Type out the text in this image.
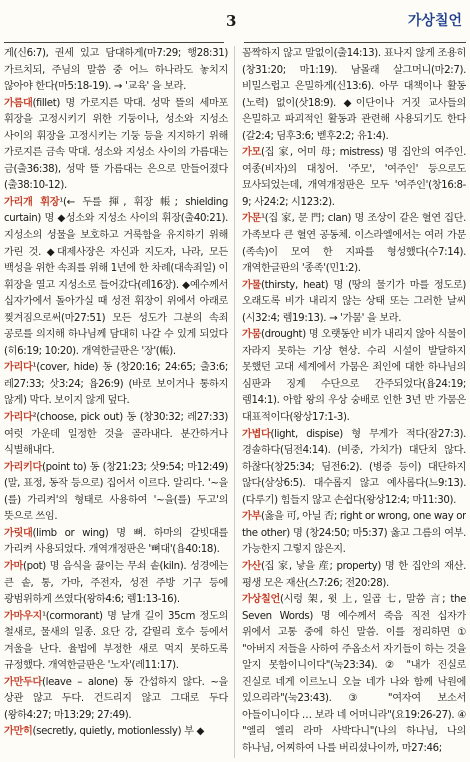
3	가상칠언

게(신6:7), 권세 있고 담대하게(마7:29; 행28:31) 가르치되, 주님의 말씀 중 어느 하나라도 놓치지 않아야 한다(마5:18-19). → '교육' 을 보라.

가름대(fillet) 명 가로지른 막대. 성막 뜰의 세마포 휘장을 고정시키기 위한 기둥이나, 성소와 지성소 사이의 휘장을 고정시키는 기둥 등을 지지하기 위해 가로지른 금속 막대. 성소와 지성소 사이의 가름대는 금(출36:38), 성막 뜰 가름대는 은으로 만들어졌다(출38:10-12).

가리개 휘장¹(← 두를 揮, 휘장 帳; shielding curtain) 명 ◆성소와 지성소 사이의 휘장(출40:21). 지성소의 성물을 보호하고 거룩함을 유지하기 위해 가린 것. ◆대제사장은 자신과 지도자, 나라, 모든 백성을 위한 속죄를 위해 1년에 한 차례(대속죄일) 이 휘장을 열고 지성소로 들어갔다(레16장). ◆예수께서 십자가에서 돌아가실 때 성전 휘장이 위에서 아래로 찢겨짐으로써(마27:51) 모든 성도가 그분의 속죄 공로를 의지해 하나님께 담대히 나갈 수 있게 되었다(히6:19; 10:20). 개역한글판은 '장'(帳).

가리다¹(cover, hide) 동 (창20:16; 24:65; 출3:6; 레27:33; 삿3:24; 욥26:9) (바로 보이거나 통하지 않게) 막다. 보이지 않게 덮다.

가리다²(choose, pick out) 동 (창30:32; 레27:33) 여럿 가운데 일정한 것을 골라내다. 분간하거나 식별해내다.

가리키다(point to) 동 (창21:23; 삿9:54; 마12:49) (말, 표정, 동작 등으로) 집어서 이르다. 알리다. '~을(를) 가리켜'의 형태로 사용하여 '~을(를) 두고'의 뜻으로 쓰임.

가릿대(limb or wing) 명 뼈. 하마의 갈빗대를 가리켜 사용되었다. 개역개정판은 '뼈대'(욥40:18).

가마(pot) 명 음식을 끓이는 무쇠 솥(kiln). 성경에는 큰 솥, 통, 가마, 주전자, 성전 주방 기구 등에 광범위하게 쓰였다(왕하4:6; 렘1:13-16).

가마우지¹(cormorant) 명 날개 길이 35cm 정도의 철새로, 물새의 일종. 요단 강, 갈릴리 호수 등에서 겨울을 난다. 율법에 부정한 새로 먹지 못하도록 규정했다. 개역한글판은 '노자'(레11:17).

가만두다(leave – alone) 동 간섭하지 않다. ~을 상관 않고 두다. 건드리지 않고 그대로 두다(왕하4:27; 마13:29; 27:49).

가만히(secretly, quietly, motionlessly) 부 ◆

꼼짝하지 않고 말없이(출14:13). 표나지 않게 조용히(창31:20; 마1:19). 남몰래 살그머니(마2:7). 비밀스럽고 은밀하게(신13:6). 아무 대책이나 활동(노력) 없이(삿18:9). ◆이단이나 거짓 교사들의 은밀하고 파괴적인 활동과 관련해 사용되기도 한다(갈2:4; 딤후3:6; 벧후2:2; 유1:4).

가모(집 家, 어미 母; mistress) 명 집안의 여주인. 여종(비자)의 대칭어. '주모', '여주인' 등으로도 묘사되었는데, 개역개정판은 모두 '여주인'(창16:8-9; 사24:2; 시123:2).

가문¹(집 家, 문 門; clan) 명 조상이 같은 혈연 집단. 가족보다 큰 혈연 공동체. 이스라엘에서는 여러 가문(족속)이 모여 한 지파를 형성했다(수7:14). 개역한글판의 '종족'(민1:2).

가물(thirsty, heat) 명 (땅의 물기가 마를 정도로) 오래도록 비가 내리지 않는 상태 또는 그러한 날씨(시32:4; 렘19:13). → '가뭄' 을 보라.

가뭄(drought) 명 오랫동안 비가 내리지 않아 식물이 자라지 못하는 기상 현상. 수리 시설이 발달하지 못했던 고대 세계에서 가뭄은 죄인에 대한 하나님의 심판과 징계 수단으로 간주되었다(욥24:19; 렘14:1). 아합 왕의 우상 숭배로 인한 3년 반 가뭄은 대표적이다(왕상17:1-3).

가볍다(light, dispise) 형 무게가 적다(잠27:3). 경솔하다(딤전4:14). (비중, 가치가) 대단치 않다. 하찮다(창25:34; 딤전6:2). (병증 등이) 대단하지 않다(삼상6:5). 대수롭지 않고 예사롭다(느9:13). (다루기) 힘들지 않고 손쉽다(왕상12:4; 마11:30).

가부(옳을 可, 아닐 否; right or wrong, one way or the other) 명 (창24:50; 마5:37) 옳고 그름의 여부. 가능한지 그렇지 않은지.

가산(집 家, 낳을 産; property) 명 한 집안의 재산. 평생 모은 재산(스7:26; 전20:28).

가상칠언(시렁 架, 윗 上, 일곱 七, 말씀 言; the Seven Words) 명 예수께서 죽음 직전 십자가 위에서 고통 중에 하신 말씀. 이를 정리하면 ① "아버지 저들을 사하여 주옵소서 자기들이 하는 것을 알지 못함이니이다"(눅23:34). ② "내가 진실로 진실로 네게 이르노니 오늘 네가 나와 함께 낙원에 있으리라"(눅23:43). ③ "여자여 보소서 아들이니이다 … 보라 네 어머니라"(요19:26-27). ④ "엘리 엘리 라마 사박다니"(나의 하나님, 나의 하나님, 어찌하여 나를 버리셨나이까, 마27:46;
